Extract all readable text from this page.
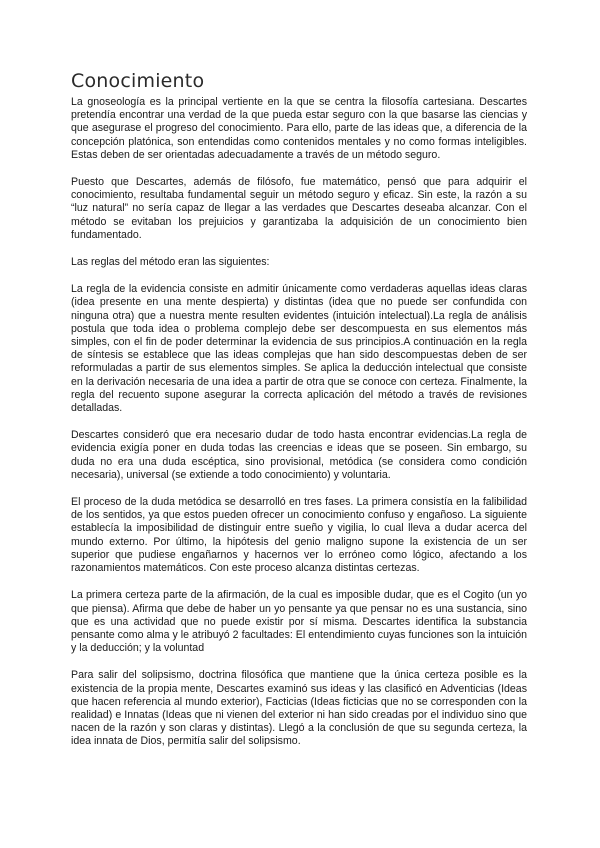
Conocimiento

La gnoseología es la principal vertiente en la que se centra la filosofía cartesiana. Descartes pretendía encontrar una verdad de la que pueda estar seguro con la que basarse las ciencias y que asegurase el progreso del conocimiento. Para ello, parte de las ideas que, a diferencia de la concepción platónica, son entendidas como contenidos mentales y no como formas inteligibles. Estas deben de ser orientadas adecuadamente a través de un método seguro.

Puesto que Descartes, además de filósofo, fue matemático, pensó que para adquirir el conocimiento, resultaba fundamental seguir un método seguro y eficaz. Sin este, la razón a su “luz natural” no sería capaz de llegar a las verdades que Descartes deseaba alcanzar. Con el método se evitaban los prejuicios y garantizaba la adquisición de un conocimiento bien fundamentado.

Las reglas del método eran las siguientes:

La regla de la evidencia consiste en admitir únicamente como verdaderas aquellas ideas claras (idea presente en una mente despierta) y distintas (idea que no puede ser confundida con ninguna otra) que a nuestra mente resulten evidentes (intuición intelectual).La regla de análisis postula que toda idea o problema complejo debe ser descompuesta en sus elementos más simples, con el fin de poder determinar la evidencia de sus principios.A continuación en la regla de síntesis se establece que las ideas complejas que han sido descompuestas deben de ser reformuladas a partir de sus elementos simples. Se aplica la deducción intelectual que consiste en la derivación necesaria de una idea a partir de otra que se conoce con certeza. Finalmente, la regla del recuento supone asegurar la correcta aplicación del método a través de revisiones detalladas.

Descartes consideró que era necesario dudar de todo hasta encontrar evidencias.La regla de evidencia exigía poner en duda todas las creencias e ideas que se poseen. Sin embargo, su duda no era una duda escéptica, sino provisional, metódica (se considera como condición necesaria), universal (se extiende a todo conocimiento) y voluntaria.

El proceso de la duda metódica se desarrolló en tres fases. La primera consistía en la falibilidad de los sentidos, ya que estos pueden ofrecer un conocimiento confuso y engañoso. La siguiente establecía la imposibilidad de distinguir entre sueño y vigilia, lo cual lleva a dudar acerca del mundo externo. Por último, la hipótesis del genio maligno supone la existencia de un ser superior que pudiese engañarnos y hacernos ver lo erróneo como lógico, afectando a los razonamientos matemáticos. Con este proceso alcanza distintas certezas.

La primera certeza parte de la afirmación, de la cual es imposible dudar, que es el Cogito (un yo que piensa). Afirma que debe de haber un yo pensante ya que pensar no es una sustancia, sino que es una actividad que no puede existir por sí misma. Descartes identifica la substancia pensante como alma y le atribuyó 2 facultades: El entendimiento cuyas funciones son la intuición y la deducción; y la voluntad

Para salir del solipsismo, doctrina filosófica que mantiene que la única certeza posible es la existencia de la propia mente, Descartes examinó sus ideas y las clasificó en Adventicias (Ideas que hacen referencia al mundo exterior), Facticias (Ideas ficticias que no se corresponden con la realidad) e Innatas (Ideas que ni vienen del exterior ni han sido creadas por el individuo sino que nacen de la razón y son claras y distintas). Llegó a la conclusión de que su segunda certeza, la idea innata de Dios, permitía salir del solipsismo.
